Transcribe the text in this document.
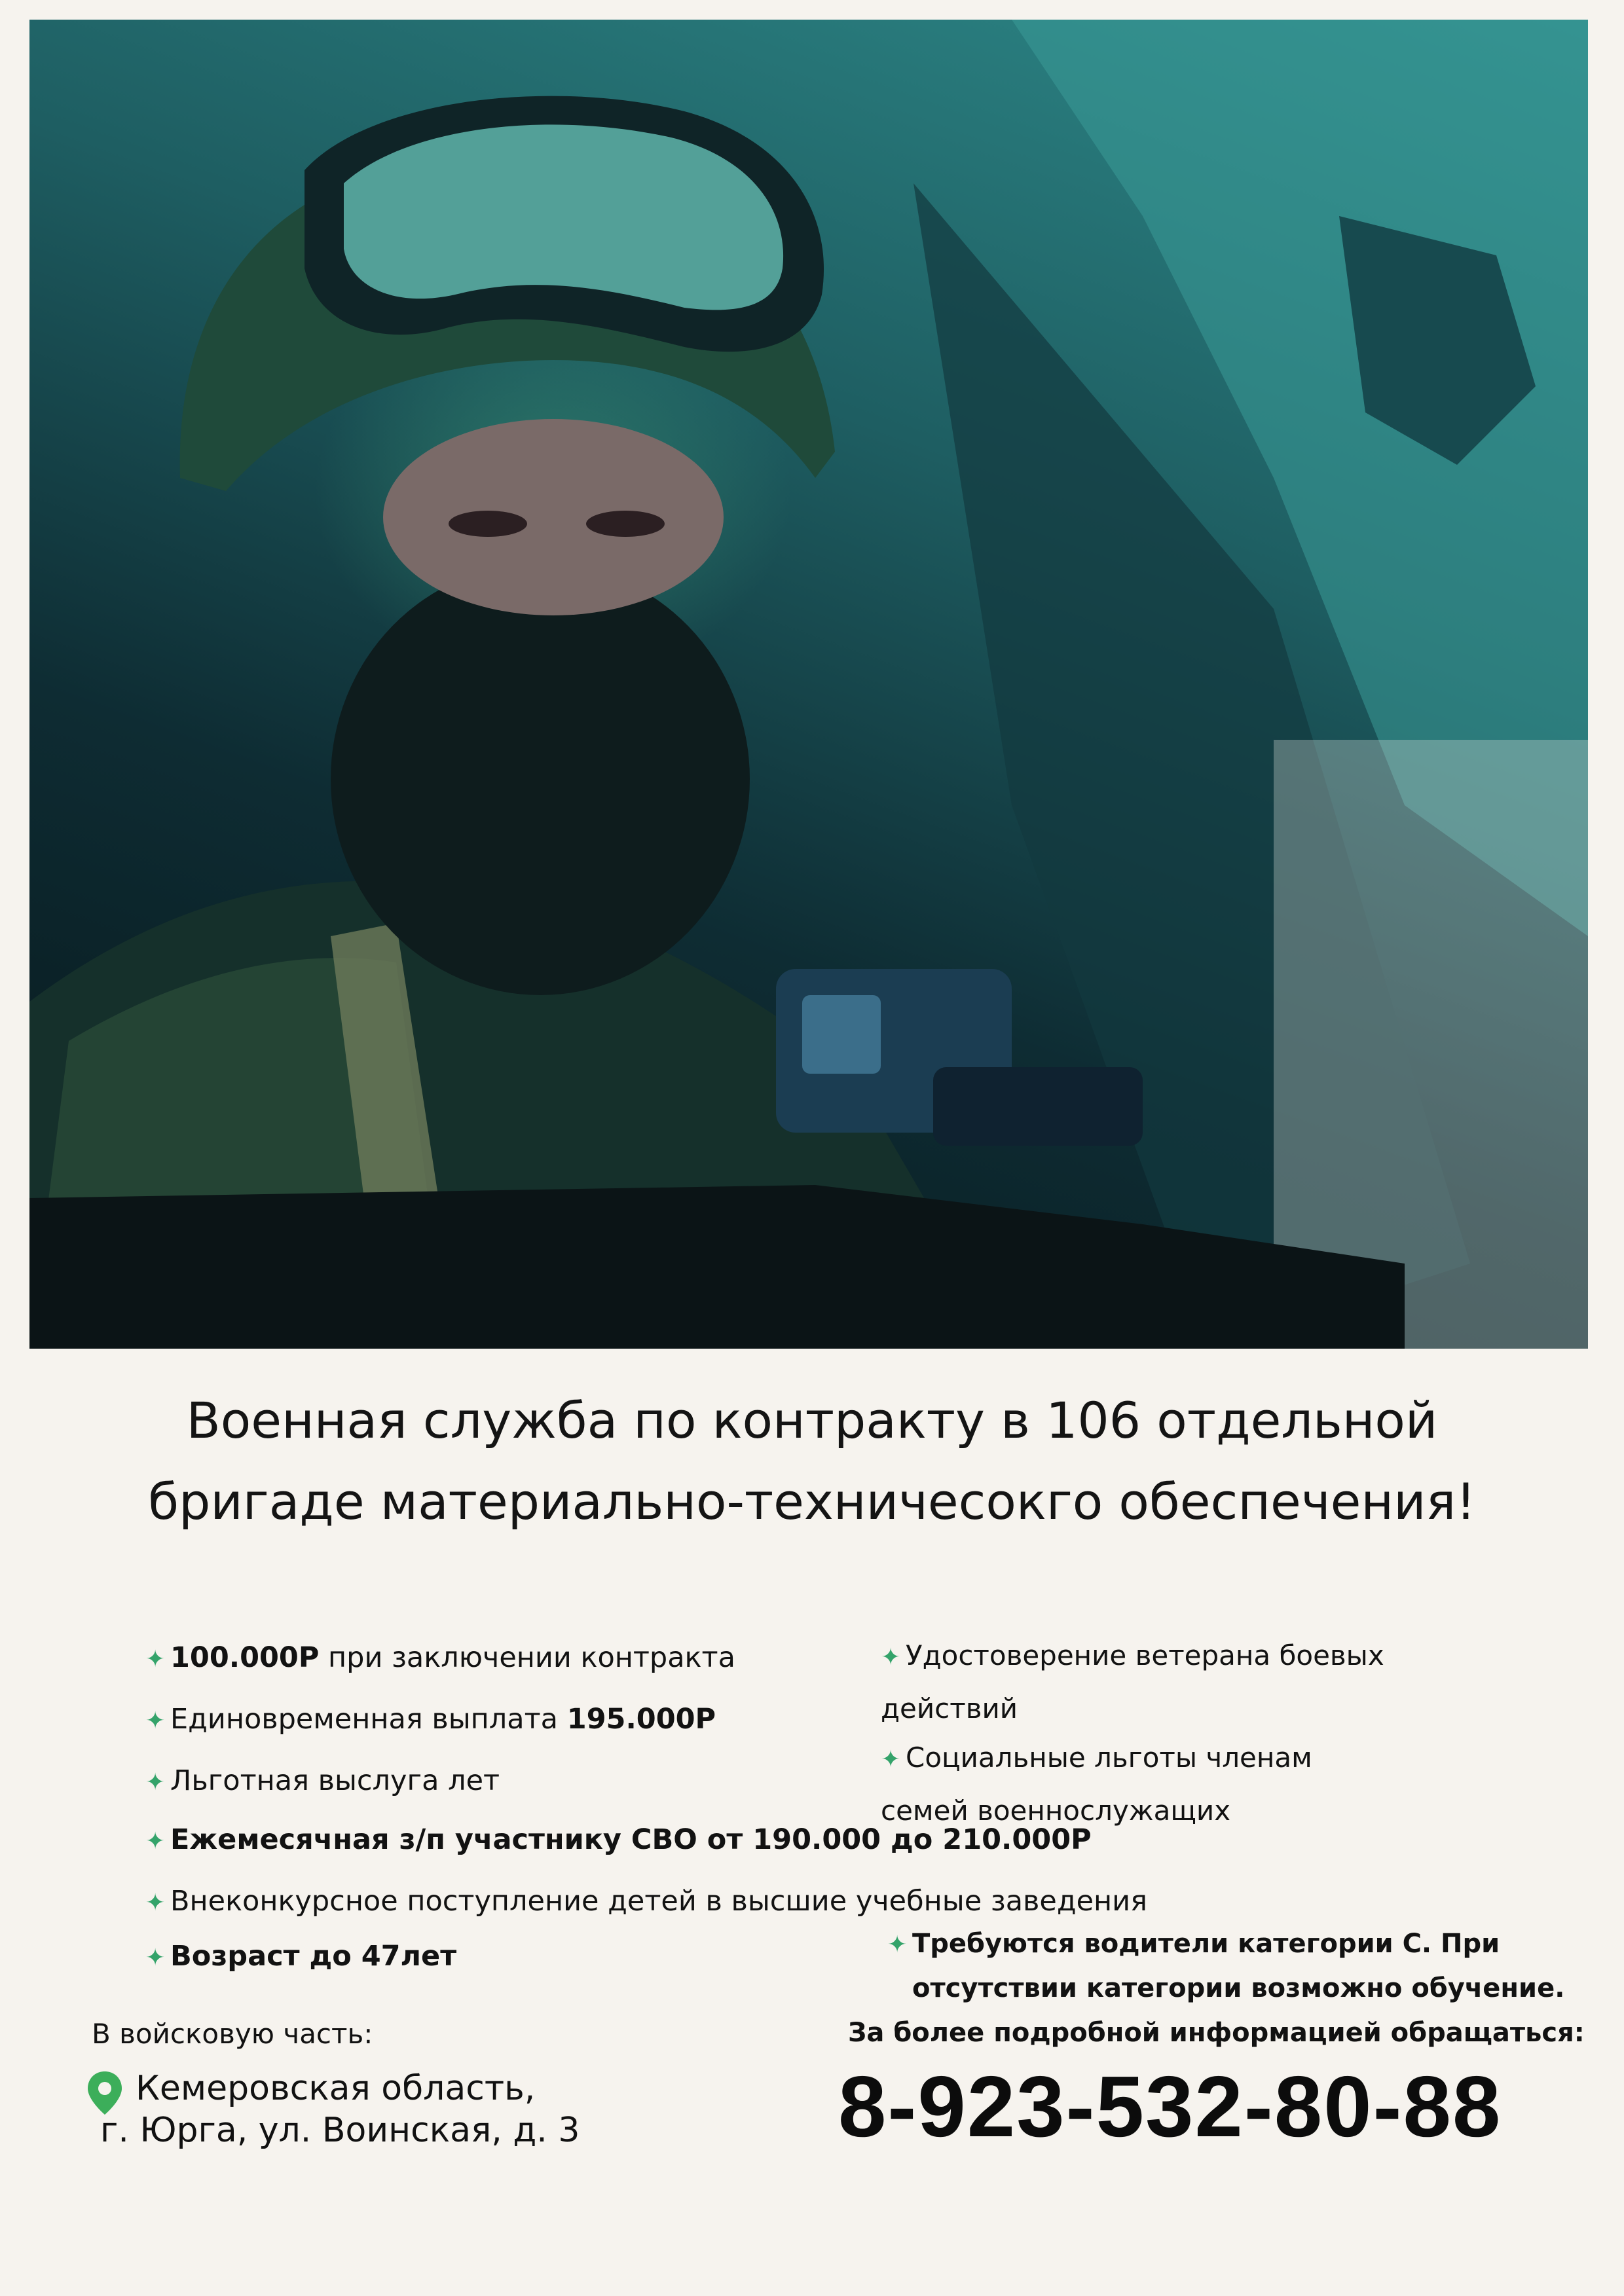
Военная служба по контракту в 106 отдельной
бригаде материально-техничесокго обеспечения!
✦ 100.000Р при заключении контракта
✦ Единовременная выплата 195.000Р
✦ Льготная выслуга лет
✦ Ежемесячная з/п участнику СВО от 190.000 до 210.000Р
✦ Внеконкурсное поступление детей в высшие учебные заведения
✦ Возраст до 47лет
✦ Удостоверение ветерана боевых
действий
✦ Социальные льготы членам
семей военнослужащих
✦ Требуются водители категории С. При
отсутствии категории возможно обучение.
В войсковую часть:
Кемеровская область,
г. Юрга, ул. Воинская, д. 3
За более подробной информацией обращаться:
8-923-532-80-88
